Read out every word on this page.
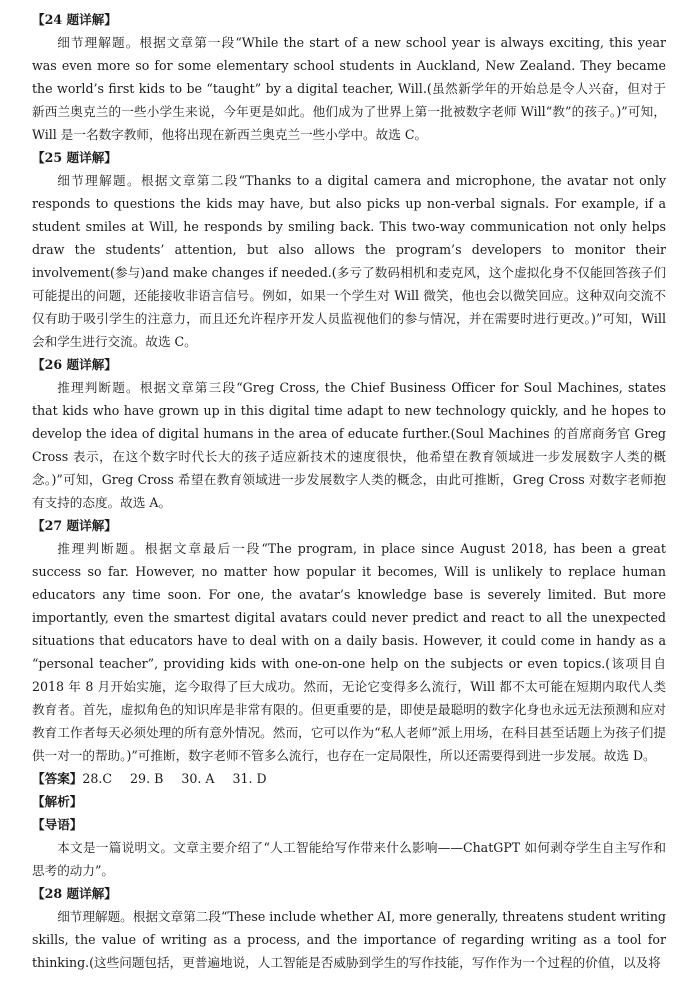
【24 题详解】

细节理解题。根据文章第一段“While the start of a new school year is always exciting, this year was even more so for some elementary school students in Auckland, New Zealand. They became the world’s first kids to be “taught” by a digital teacher, Will.(虽然新学年的开始总是令人兴奋，但对于新西兰奥克兰的一些小学生来说，今年更是如此。他们成为了世界上第一批被数字老师 Will“教”的孩子。)”可知，Will 是一名数字教师，他将出现在新西兰奥克兰一些小学中。故选 C。

【25 题详解】

细节理解题。根据文章第二段“Thanks to a digital camera and microphone, the avatar not only responds to questions the kids may have, but also picks up non-verbal signals. For example, if a student smiles at Will, he responds by smiling back. This two-way communication not only helps draw the students’ attention, but also allows the program’s developers to monitor their involvement(参与)and make changes if needed.(多亏了数码相机和麦克风，这个虚拟化身不仅能回答孩子们可能提出的问题，还能接收非语言信号。例如，如果一个学生对 Will 微笑，他也会以微笑回应。这种双向交流不仅有助于吸引学生的注意力，而且还允许程序开发人员监视他们的参与情况，并在需要时进行更改。)”可知，Will 会和学生进行交流。故选 C。

【26 题详解】

推理判断题。根据文章第三段“Greg Cross, the Chief Business Officer for Soul Machines, states that kids who have grown up in this digital time adapt to new technology quickly, and he hopes to develop the idea of digital humans in the area of educate further.(Soul Machines 的首席商务官 Greg Cross 表示，在这个数字时代长大的孩子适应新技术的速度很快，他希望在教育领域进一步发展数字人类的概念。)”可知，Greg Cross 希望在教育领域进一步发展数字人类的概念，由此可推断，Greg Cross 对数字老师抱有支持的态度。故选 A。

【27 题详解】

推理判断题。根据文章最后一段“The program, in place since August 2018, has been a great success so far. However, no matter how popular it becomes, Will is unlikely to replace human educators any time soon. For one, the avatar’s knowledge base is severely limited. But more importantly, even the smartest digital avatars could never predict and react to all the unexpected situations that educators have to deal with on a daily basis. However, it could come in handy as a “personal teacher”, providing kids with one-on-one help on the subjects or even topics.(该项目自 2018 年 8 月开始实施，迄今取得了巨大成功。然而，无论它变得多么流行，Will 都不太可能在短期内取代人类教育者。首先，虚拟角色的知识库是非常有限的。但更重要的是，即使是最聪明的数字化身也永远无法预测和应对教育工作者每天必须处理的所有意外情况。然而，它可以作为“私人老师”派上用场，在科目甚至话题上为孩子们提供一对一的帮助。)”可推断，数字老师不管多么流行，也存在一定局限性，所以还需要得到进一步发展。故选 D。

【答案】28.C 29. B 30. A 31. D

【解析】

【导语】

本文是一篇说明文。文章主要介绍了“人工智能给写作带来什么影响——ChatGPT 如何剥夺学生自主写作和思考的动力”。

【28 题详解】

细节理解题。根据文章第二段“These include whether AI, more generally, threatens student writing skills, the value of writing as a process, and the importance of regarding writing as a tool for thinking.(这些问题包括，更普遍地说，人工智能是否威胁到学生的写作技能，写作作为一个过程的价值，以及将
